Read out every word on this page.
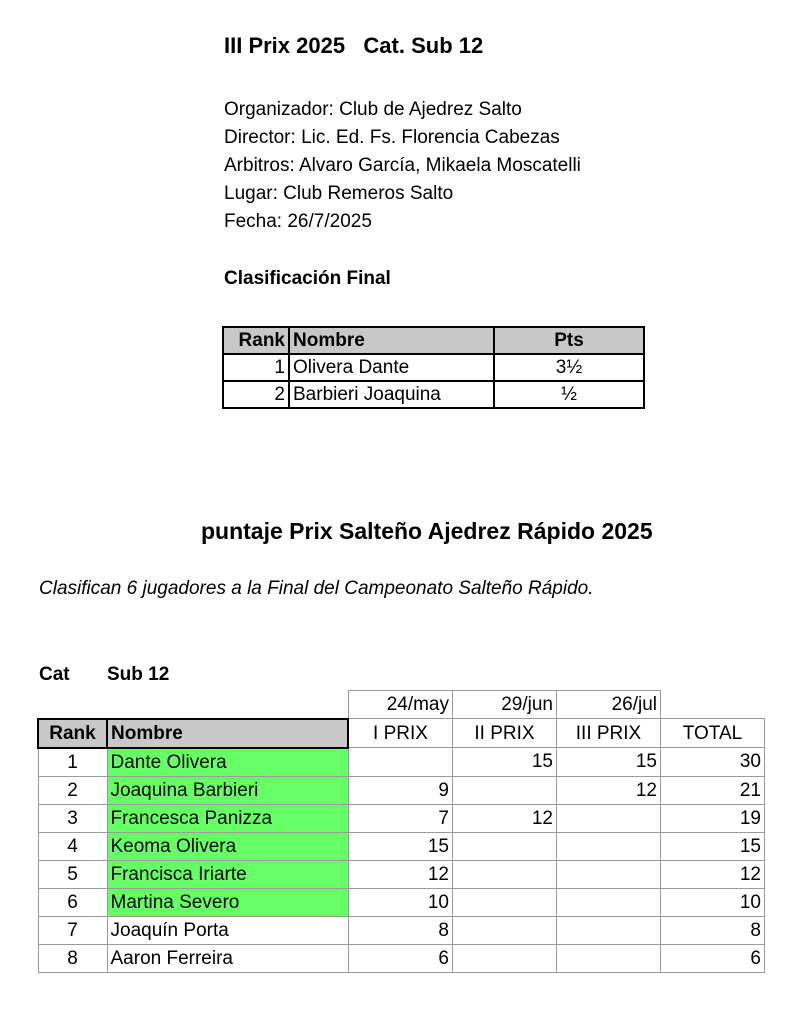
III Prix 2025   Cat. Sub 12
Organizador: Club de Ajedrez Salto
Director: Lic. Ed. Fs. Florencia Cabezas
Arbitros: Alvaro García, Mikaela Moscatelli
Lugar: Club Remeros Salto
Fecha: 26/7/2025
Clasificación Final
Rank	Nombre	Pts
1	Olivera Dante	3½
2	Barbieri Joaquina	½
puntaje Prix Salteño Ajedrez Rápido 2025
Clasifican 6 jugadores a la Final del Campeonato Salteño Rápido.
Cat Sub 12
		24/may	29/jun	26/jul	
Rank	Nombre	I PRIX	II PRIX	III PRIX	TOTAL
1	Dante Olivera		15	15	30
2	Joaquina Barbieri	9		12	21
3	Francesca Panizza	7	12		19
4	Keoma Olivera	15			15
5	Francisca Iriarte	12			12
6	Martina Severo	10			10
7	Joaquín Porta	8			8
8	Aaron Ferreira	6			6
